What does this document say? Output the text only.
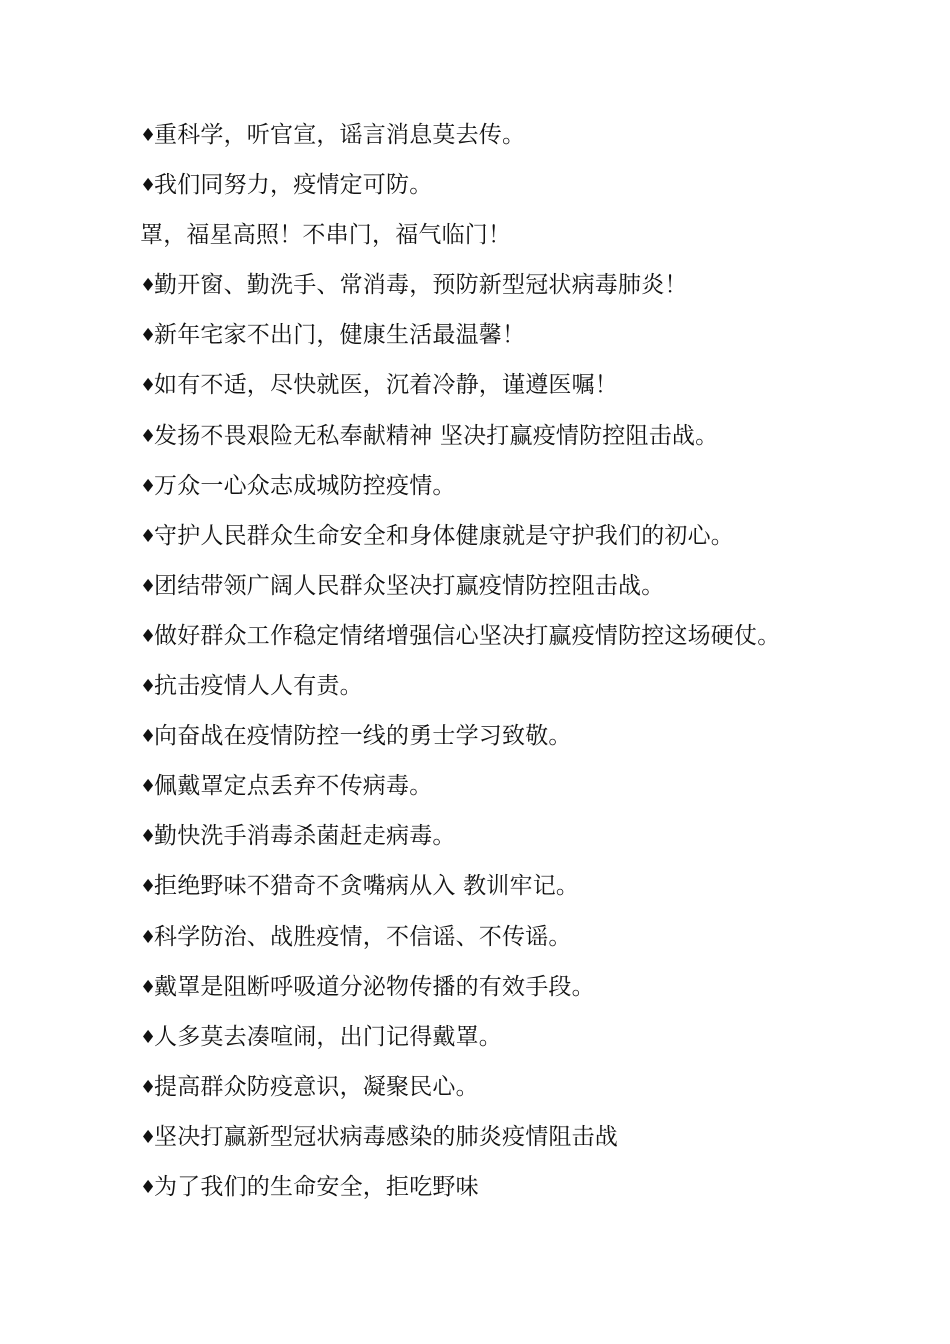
♦重科学，听官宣，谣言消息莫去传。
♦我们同努力，疫情定可防。
罩，福星高照！不串门，福气临门！
♦勤开窗、勤洗手、常消毒，预防新型冠状病毒肺炎！
♦新年宅家不出门，健康生活最温馨！
♦如有不适，尽快就医，沉着冷静，谨遵医嘱！
♦发扬不畏艰险无私奉献精神 坚决打赢疫情防控阻击战。
♦万众一心众志成城防控疫情。
♦守护人民群众生命安全和身体健康就是守护我们的初心。
♦团结带领广阔人民群众坚决打赢疫情防控阻击战。
♦做好群众工作稳定情绪增强信心坚决打赢疫情防控这场硬仗。
♦抗击疫情人人有责。
♦向奋战在疫情防控一线的勇士学习致敬。
♦佩戴罩定点丢弃不传病毒。
♦勤快洗手消毒杀菌赶走病毒。
♦拒绝野味不猎奇不贪嘴病从入 教训牢记。
♦科学防治、战胜疫情，不信谣、不传谣。
♦戴罩是阻断呼吸道分泌物传播的有效手段。
♦人多莫去凑喧闹，出门记得戴罩。
♦提高群众防疫意识，凝聚民心。
♦坚决打赢新型冠状病毒感染的肺炎疫情阻击战
♦为了我们的生命安全，拒吃野味
